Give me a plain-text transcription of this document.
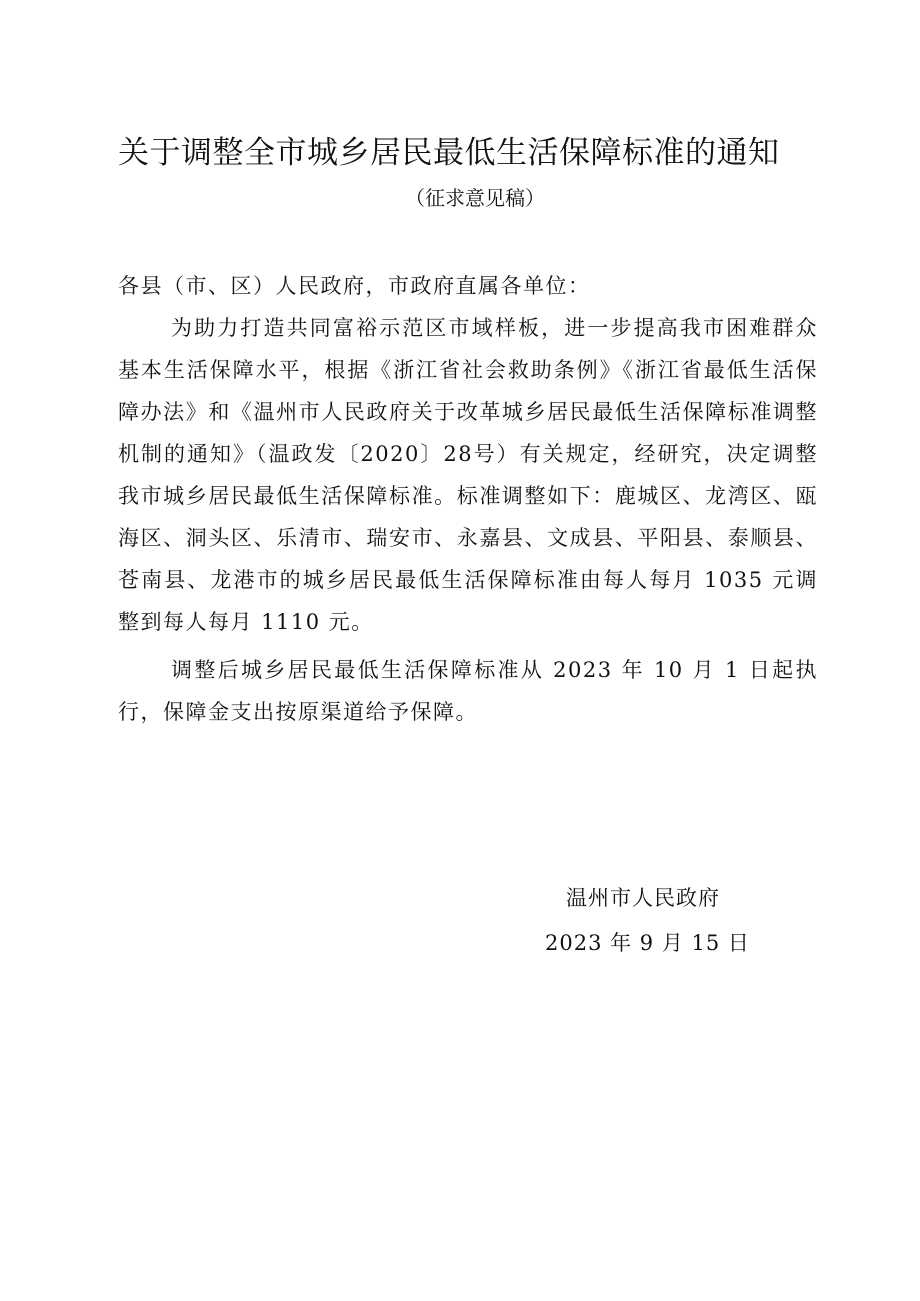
关于调整全市城乡居民最低生活保障标准的通知
（征求意见稿）

各县（市、区）人民政府，市政府直属各单位：

为助力打造共同富裕示范区市域样板，进一步提高我市困难群众基本生活保障水平，根据《浙江省社会救助条例》《浙江省最低生活保障办法》和《温州市人民政府关于改革城乡居民最低生活保障标准调整机制的通知》（温政发〔2020〕28号）有关规定，经研究，决定调整我市城乡居民最低生活保障标准。标准调整如下：鹿城区、龙湾区、瓯海区、洞头区、乐清市、瑞安市、永嘉县、文成县、平阳县、泰顺县、苍南县、龙港市的城乡居民最低生活保障标准由每人每月 1035 元调整到每人每月 1110 元。

调整后城乡居民最低生活保障标准从 2023 年 10 月 1 日起执行，保障金支出按原渠道给予保障。

温州市人民政府
2023 年 9 月 15 日
